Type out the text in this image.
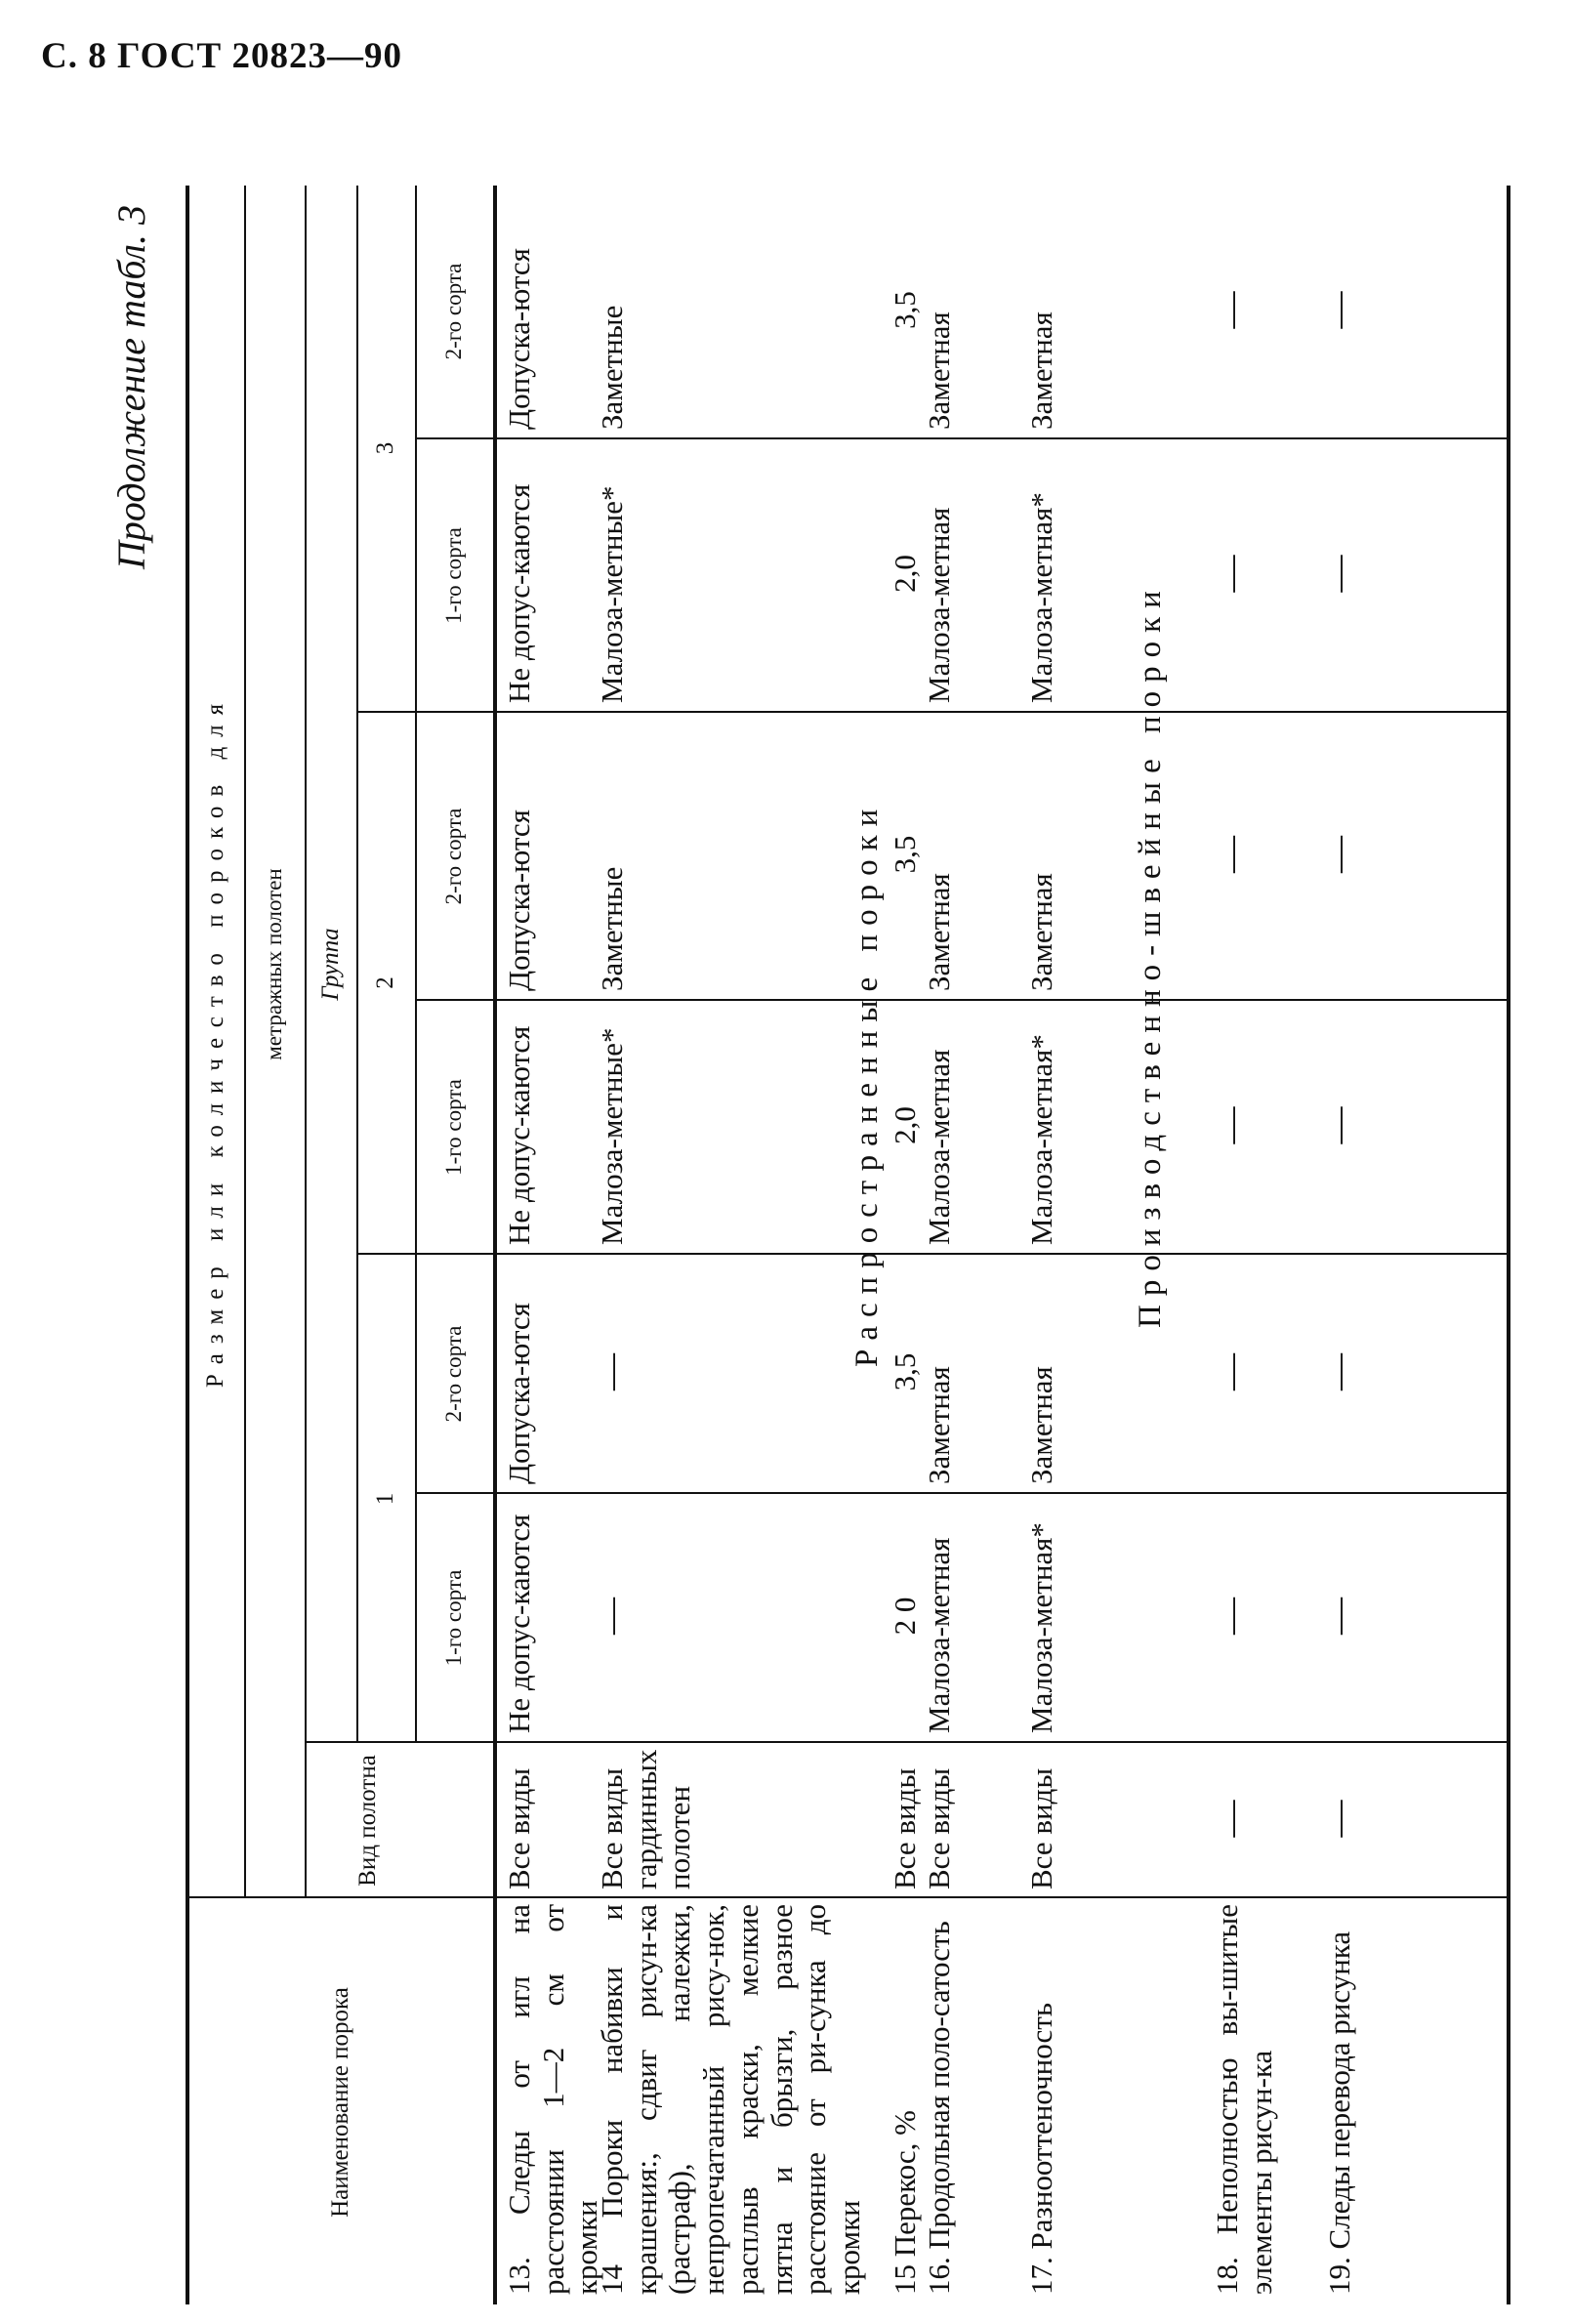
С. 8 ГОСТ 20823—90
Продолжение табл. 3
Наименование порока
Вид полотна
Размер или количество пороков для	метражных полотен	Группа
1
2
3
1-го сорта
2-го сорта
1-го сорта
2-го сорта
1-го сорта
2-го сорта
13. Следы от игл на расстоянии 1—2 см от кромки
Все виды
Не допус-каются
Допуска-ются
Не допус-каются
Допуска-ются
Не допус-каются
Допуска-ются
14 Пороки набивки и крашения:, сдвиг рисун-ка (раcтраф), належки, непропечатанный рису-нок, расплыв краски, мелкие пятна и брызги, разное расстояние от ри-сунка до кромки
Все виды гардинных полотен
—
—
Малоза-метные*
Заметные
Малоза-метные*
Заметные
Распространенные пороки
15 Перекос, %
Все виды
2 0
3,5
2,0
3,5
2,0
3,5
16. Продольная поло-сатость
Все виды
Малоза-метная
Заметная
Малоза-метная
Заметная
Малоза-метная
Заметная
17. Разнооттеночность
Все виды
Малоза-метная*
Заметная
Малоза-метная*
Заметная
Малоза-метная*
Заметная
Производственно-швейные пороки
18. Неполностью вы-шитые элементы рисун-ка
—
—
—
—
—
—
—
19. Следы перевода рисунка
—
—
—
—
—
—
—
